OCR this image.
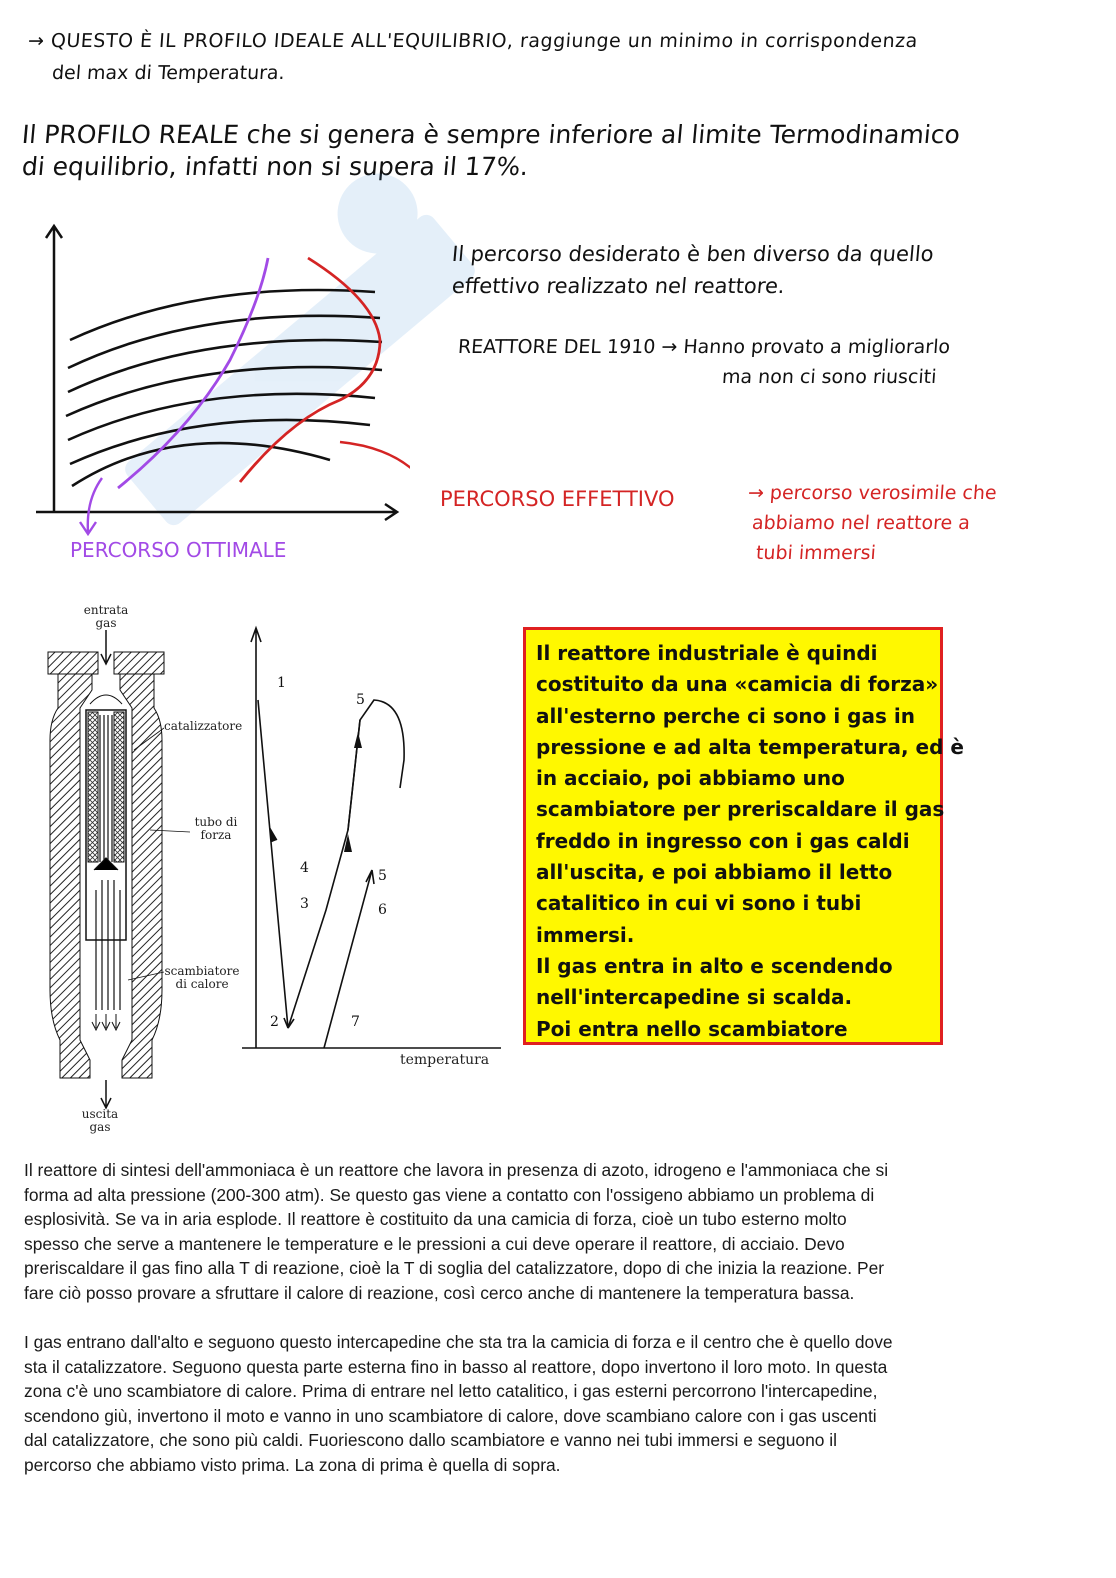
→ QUESTO È IL PROFILO IDEALE ALL'EQUILIBRIO, raggiunge un minimo in corrispondenza
del max di Temperatura.
Il PROFILO REALE che si genera è sempre inferiore al limite Termodinamico
di equilibrio, infatti non si supera il 17%.
Il percorso desiderato è ben diverso da quello
effettivo realizzato nel reattore.
REATTORE DEL 1910 → Hanno provato a migliorarlo
ma non ci sono riusciti
PERCORSO EFFETTIVO	→ percorso verosimile che
abbiamo nel reattore a
tubi immersi
PERCORSO OTTIMALE
entrata
gas
catalizzatore
tubo di
forza
scambiatore
di calore
uscita
gas
1
2
3
4
5
5
6
7
temperatura
Il reattore industriale è quindi
costituito da una «camicia di forza»
all'esterno perche ci sono i gas in
pressione e ad alta temperatura, ed è
in acciaio, poi abbiamo uno
scambiatore per preriscaldare il gas
freddo in ingresso con i gas caldi
all'uscita, e poi abbiamo il letto
catalitico in cui vi sono i tubi
immersi.
Il gas entra in alto e scendendo
nell'intercapedine si scalda.
Poi entra nello scambiatore
Il reattore di sintesi dell'ammoniaca è un reattore che lavora in presenza di azoto, idrogeno e l'ammoniaca che si
forma ad alta pressione (200-300 atm). Se questo gas viene a contatto con l'ossigeno abbiamo un problema di
esplosività. Se va in aria esplode. Il reattore è costituito da una camicia di forza, cioè un tubo esterno molto
spesso che serve a mantenere le temperature e le pressioni a cui deve operare il reattore, di acciaio. Devo
preriscaldare il gas fino alla T di reazione, cioè la T di soglia del catalizzatore, dopo di che inizia la reazione. Per
fare ciò posso provare a sfruttare il calore di reazione, così cerco anche di mantenere la temperatura bassa.
I gas entrano dall'alto e seguono questo intercapedine che sta tra la camicia di forza e il centro che è quello dove
sta il catalizzatore. Seguono questa parte esterna fino in basso al reattore, dopo invertono il loro moto. In questa
zona c'è uno scambiatore di calore. Prima di entrare nel letto catalitico, i gas esterni percorrono l'intercapedine,
scendono giù, invertono il moto e vanno in uno scambiatore di calore, dove scambiano calore con i gas uscenti
dal catalizzatore, che sono più caldi. Fuoriescono dallo scambiatore e vanno nei tubi immersi e seguono il
percorso che abbiamo visto prima. La zona di prima è quella di sopra.
